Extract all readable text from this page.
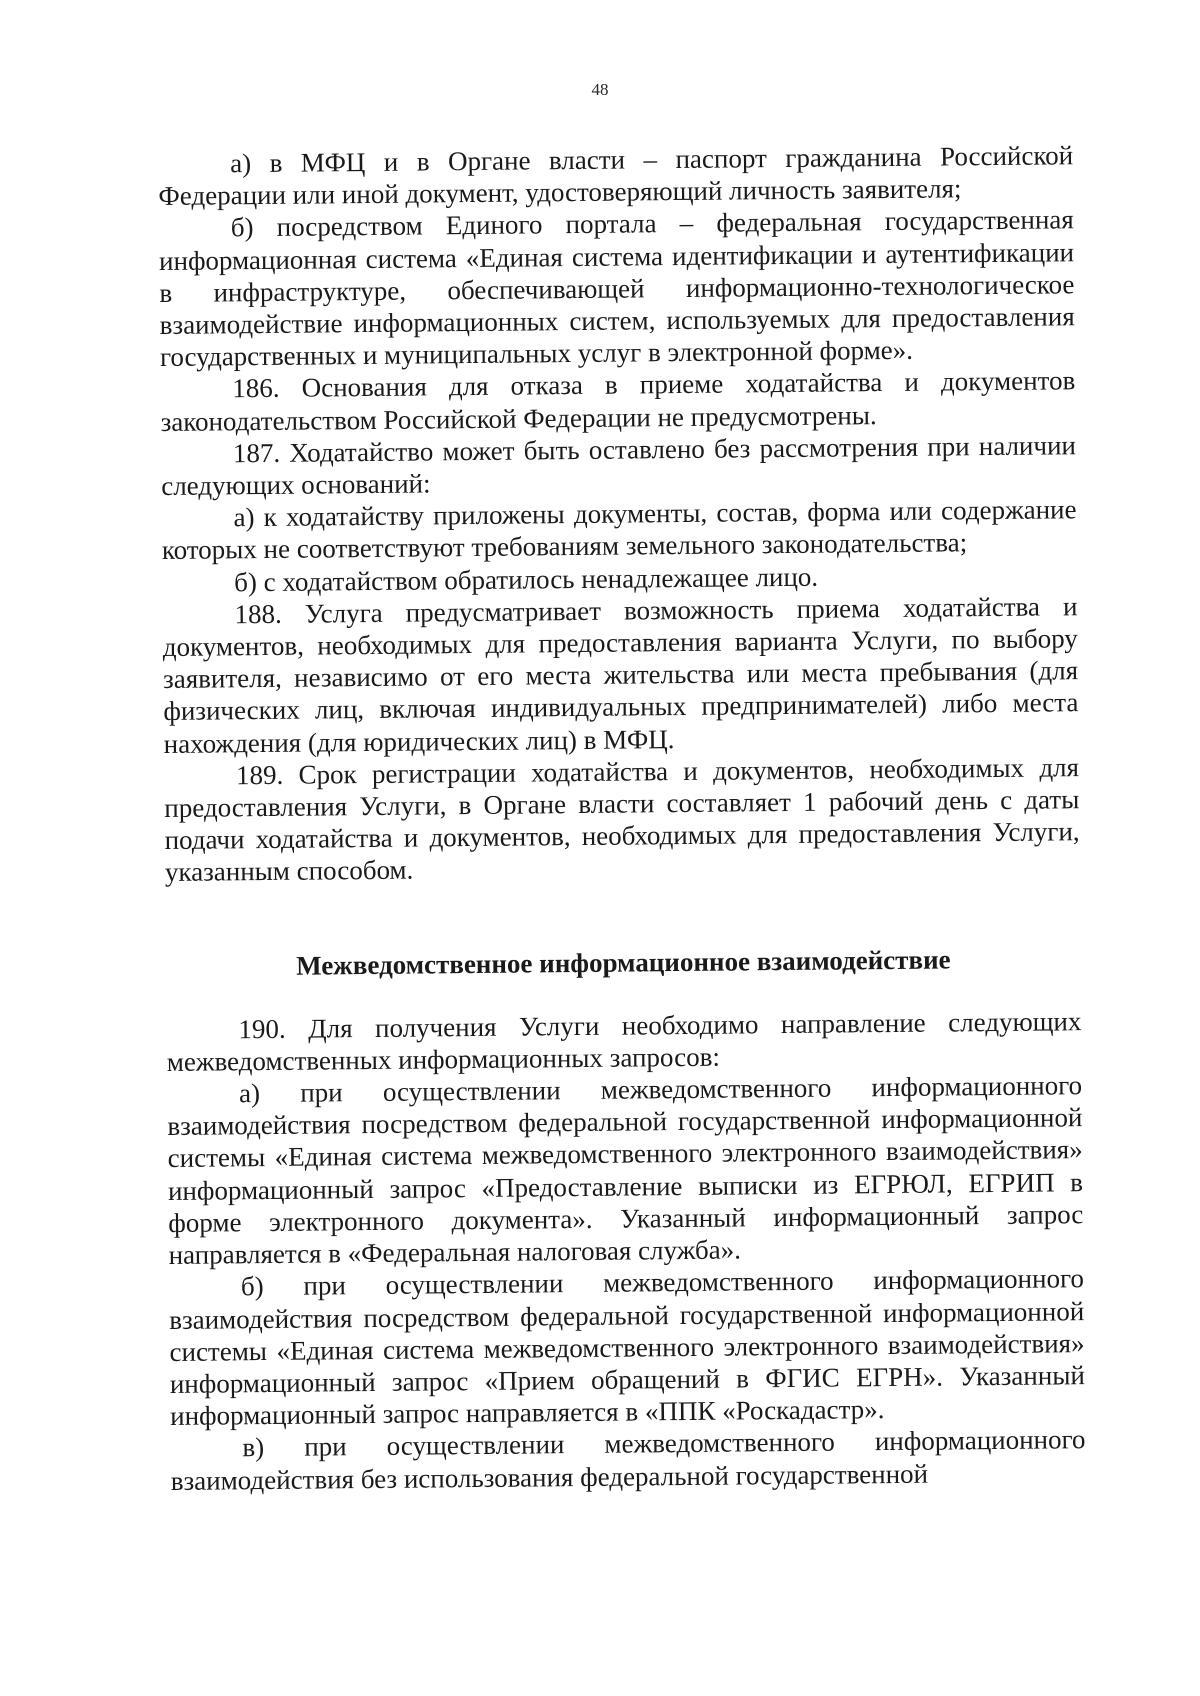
48

а) в МФЦ и в Органе власти – паспорт гражданина Российской Федерации или иной документ, удостоверяющий личность заявителя;

б) посредством Единого портала – федеральная государственная информационная система «Единая система идентификации и аутентификации в инфраструктуре, обеспечивающей информационно-технологическое взаимодействие информационных систем, используемых для предоставления государственных и муниципальных услуг в электронной форме».

186. Основания для отказа в приеме ходатайства и документов законодательством Российской Федерации не предусмотрены.

187. Ходатайство может быть оставлено без рассмотрения при наличии следующих оснований:

а) к ходатайству приложены документы, состав, форма или содержание которых не соответствуют требованиям земельного законодательства;

б) с ходатайством обратилось ненадлежащее лицо.

188. Услуга предусматривает возможность приема ходатайства и документов, необходимых для предоставления варианта Услуги, по выбору заявителя, независимо от его места жительства или места пребывания (для физических лиц, включая индивидуальных предпринимателей) либо места нахождения (для юридических лиц) в МФЦ.

189. Срок регистрации ходатайства и документов, необходимых для предоставления Услуги, в Органе власти составляет 1 рабочий день с даты подачи ходатайства и документов, необходимых для предоставления Услуги, указанным способом.

Межведомственное информационное взаимодействие

190. Для получения Услуги необходимо направление следующих межведомственных информационных запросов:

а) при осуществлении межведомственного информационного взаимодействия посредством федеральной государственной информационной системы «Единая система межведомственного электронного взаимодействия» информационный запрос «Предоставление выписки из ЕГРЮЛ, ЕГРИП в форме электронного документа». Указанный информационный запрос направляется в «Федеральная налоговая служба».

б) при осуществлении межведомственного информационного взаимодействия посредством федеральной государственной информационной системы «Единая система межведомственного электронного взаимодействия» информационный запрос «Прием обращений в ФГИС ЕГРН». Указанный информационный запрос направляется в «ППК «Роскадастр».

в) при осуществлении межведомственного информационного взаимодействия без использования федеральной государственной
